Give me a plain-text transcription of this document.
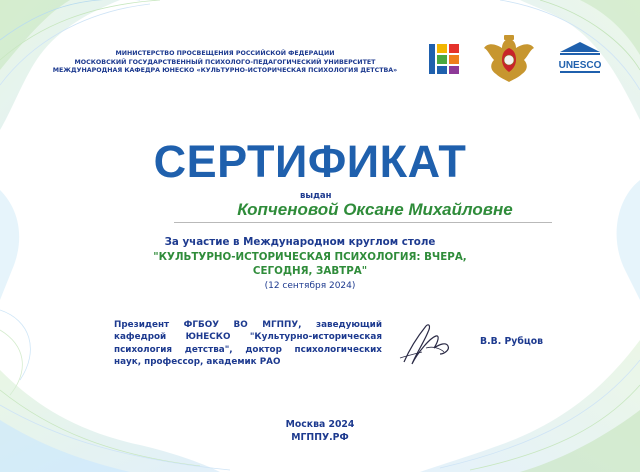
МИНИСТЕРСТВО ПРОСВЕЩЕНИЯ РОССИЙСКОЙ ФЕДЕРАЦИИ
МОСКОВСКИЙ ГОСУДАРСТВЕННЫЙ ПСИХОЛОГО-ПЕДАГОГИЧЕСКИЙ УНИВЕРСИТЕТ
МЕЖДУНАРОДНАЯ КАФЕДРА ЮНЕСКО «КУЛЬТУРНО-ИСТОРИЧЕСКАЯ ПСИХОЛОГИЯ ДЕТСТВА»	UNESCO
СЕРТИФИКАТ
выдан
Копченовой Оксане Михайловне
За участие в Международном круглом столе
"КУЛЬТУРНО-ИСТОРИЧЕСКАЯ ПСИХОЛОГИЯ: ВЧЕРА,
СЕГОДНЯ, ЗАВТРА"
(12 сентября 2024)
Президент ФГБОУ ВО МГППУ, заведующий кафедрой ЮНЕСКО "Культурно-историческая психология детства", доктор психологических наук, профессор, академик РАО
В.В. Рубцов
Москва 2024
МГППУ.РФ
